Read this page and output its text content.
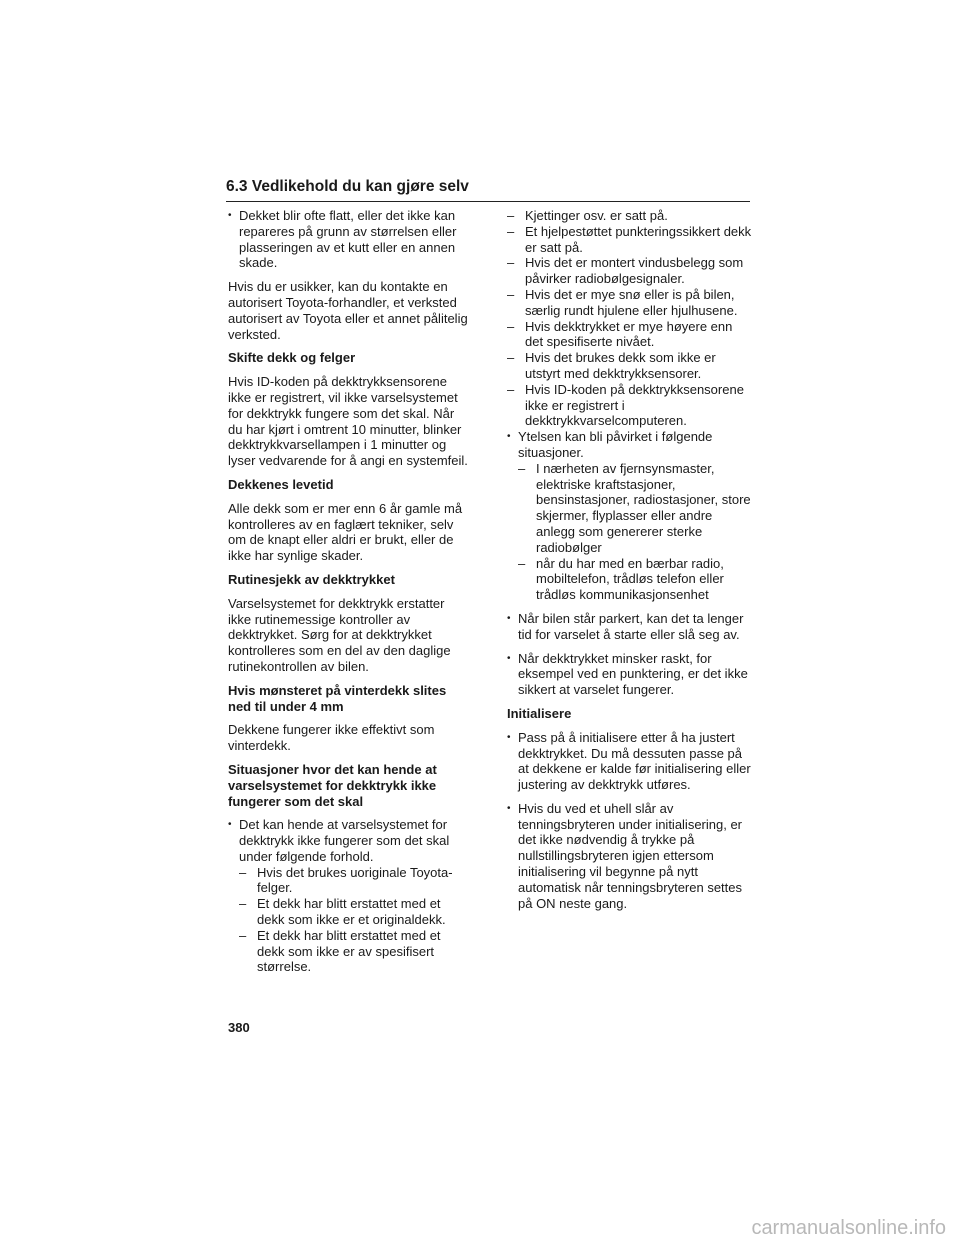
6.3 Vedlikehold du kan gjøre selv
• Dekket blir ofte flatt, eller det ikke kan repareres på grunn av størrelsen eller plasseringen av et kutt eller en annen skade.

Hvis du er usikker, kan du kontakte en autorisert Toyota-forhandler, et verksted autorisert av Toyota eller et annet pålitelig verksted.

Skifte dekk og felger

Hvis ID-koden på dekktrykksensorene ikke er registrert, vil ikke varselsystemet for dekktrykk fungere som det skal. Når du har kjørt i omtrent 10 minutter, blinker dekktrykkvarsellampen i 1 minutter og lyser vedvarende for å angi en systemfeil.

Dekkenes levetid

Alle dekk som er mer enn 6 år gamle må kontrolleres av en faglært tekniker, selv om de knapt eller aldri er brukt, eller de ikke har synlige skader.

Rutinesjekk av dekktrykket

Varselsystemet for dekktrykk erstatter ikke rutinemessige kontroller av dekktrykket. Sørg for at dekktrykket kontrolleres som en del av den daglige rutinekontrollen av bilen.

Hvis mønsteret på vinterdekk slites ned til under 4 mm

Dekkene fungerer ikke effektivt som vinterdekk.

Situasjoner hvor det kan hende at varselsystemet for dekktrykk ikke fungerer som det skal
• Det kan hende at varselsystemet for dekktrykk ikke fungerer som det skal under følgende forhold.
– Hvis det brukes uoriginale Toyota-felger.
– Et dekk har blitt erstattet med et dekk som ikke er et originaldekk.
– Et dekk har blitt erstattet med et dekk som ikke er av spesifisert størrelse.
– Kjettinger osv. er satt på.
– Et hjelpestøttet punkteringssikkert dekk er satt på.
– Hvis det er montert vindusbelegg som påvirker radiobølgesignaler.
– Hvis det er mye snø eller is på bilen, særlig rundt hjulene eller hjulhusene.
– Hvis dekktrykket er mye høyere enn det spesifiserte nivået.
– Hvis det brukes dekk som ikke er utstyrt med dekktrykksensorer.
– Hvis ID-koden på dekktrykksensorene ikke er registrert i dekktrykkvarselcomputeren.
• Ytelsen kan bli påvirket i følgende situasjoner.
– I nærheten av fjernsynsmaster, elektriske kraftstasjoner, bensinstasjoner, radiostasjoner, store skjermer, flyplasser eller andre anlegg som genererer sterke radiobølger
– når du har med en bærbar radio, mobiltelefon, trådløs telefon eller trådløs kommunikasjonsenhet
• Når bilen står parkert, kan det ta lenger tid for varselet å starte eller slå seg av.
• Når dekktrykket minsker raskt, for eksempel ved en punktering, er det ikke sikkert at varselet fungerer.
Initialisere
• Pass på å initialisere etter å ha justert dekktrykket. Du må dessuten passe på at dekkene er kalde før initialisering eller justering av dekktrykk utføres.
• Hvis du ved et uhell slår av tenningsbryteren under initialisering, er det ikke nødvendig å trykke på nullstillingsbryteren igjen ettersom initialisering vil begynne på nytt automatisk når tenningsbryteren settes på ON neste gang.
380
carmanualsonline.info
